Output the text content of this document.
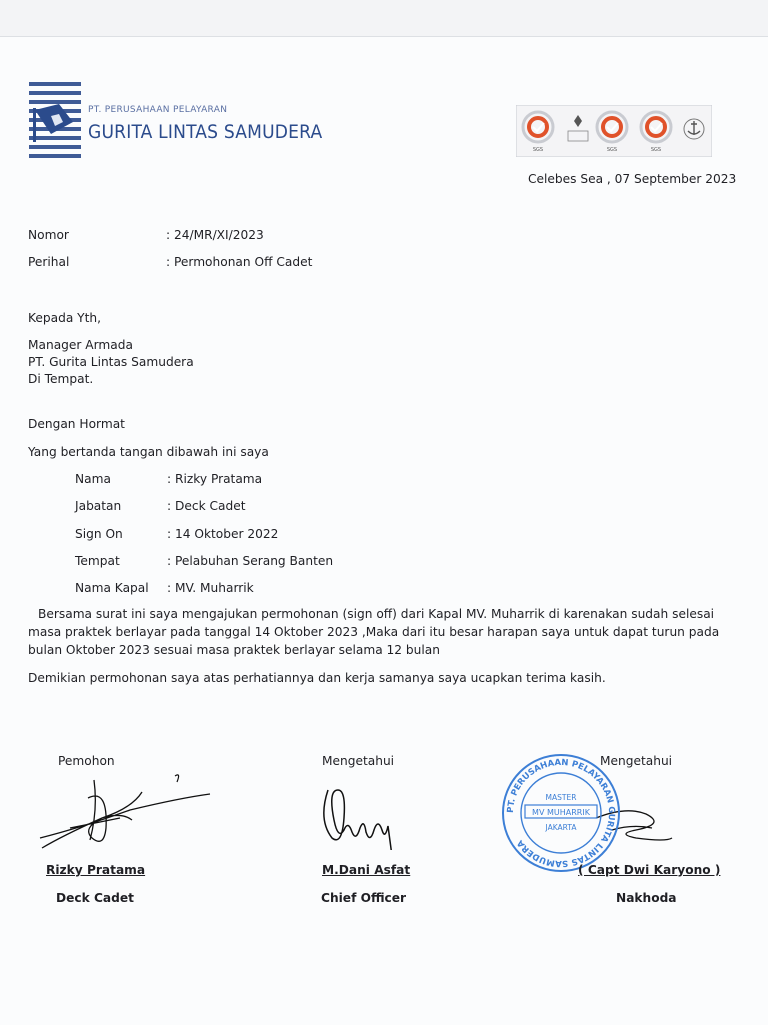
PT. PERUSAHAAN PELAYARAN
GURITA LINTAS SAMUDERA
SGS	SGS	SGS
Celebes Sea , 07 September 2023
Nomor	: 24/MR/XI/2023
Perihal	: Permohonan Off Cadet
Kepada Yth,
Manager Armada
PT. Gurita Lintas Samudera
Di Tempat.
Dengan Hormat
Yang bertanda tangan dibawah ini saya
Nama	: Rizky Pratama
Jabatan	: Deck Cadet
Sign On	: 14 Oktober 2022
Tempat	: Pelabuhan Serang Banten
Nama Kapal : MV. Muharrik
Bersama surat ini saya mengajukan permohonan (sign off) dari Kapal MV. Muharrik di karenakan sudah selesai masa praktek berlayar pada tanggal 14 Oktober 2023 ,Maka dari itu besar harapan saya untuk dapat turun pada bulan Oktober 2023 sesuai masa praktek berlayar selama 12 bulan
Demikian permohonan saya atas perhatiannya dan kerja samanya saya ucapkan terima kasih.
Pemohon	Mengetahui	Mengetahui
PT. PERUSAHAAN PELAYARAN GURITA LINTAS SAMUDERA
MASTER
MV MUHARRIK
JAKARTA
Rizky Pratama	M.Dani Asfat	( Capt Dwi Karyono )
Deck Cadet	Chief Officer	Nakhoda
